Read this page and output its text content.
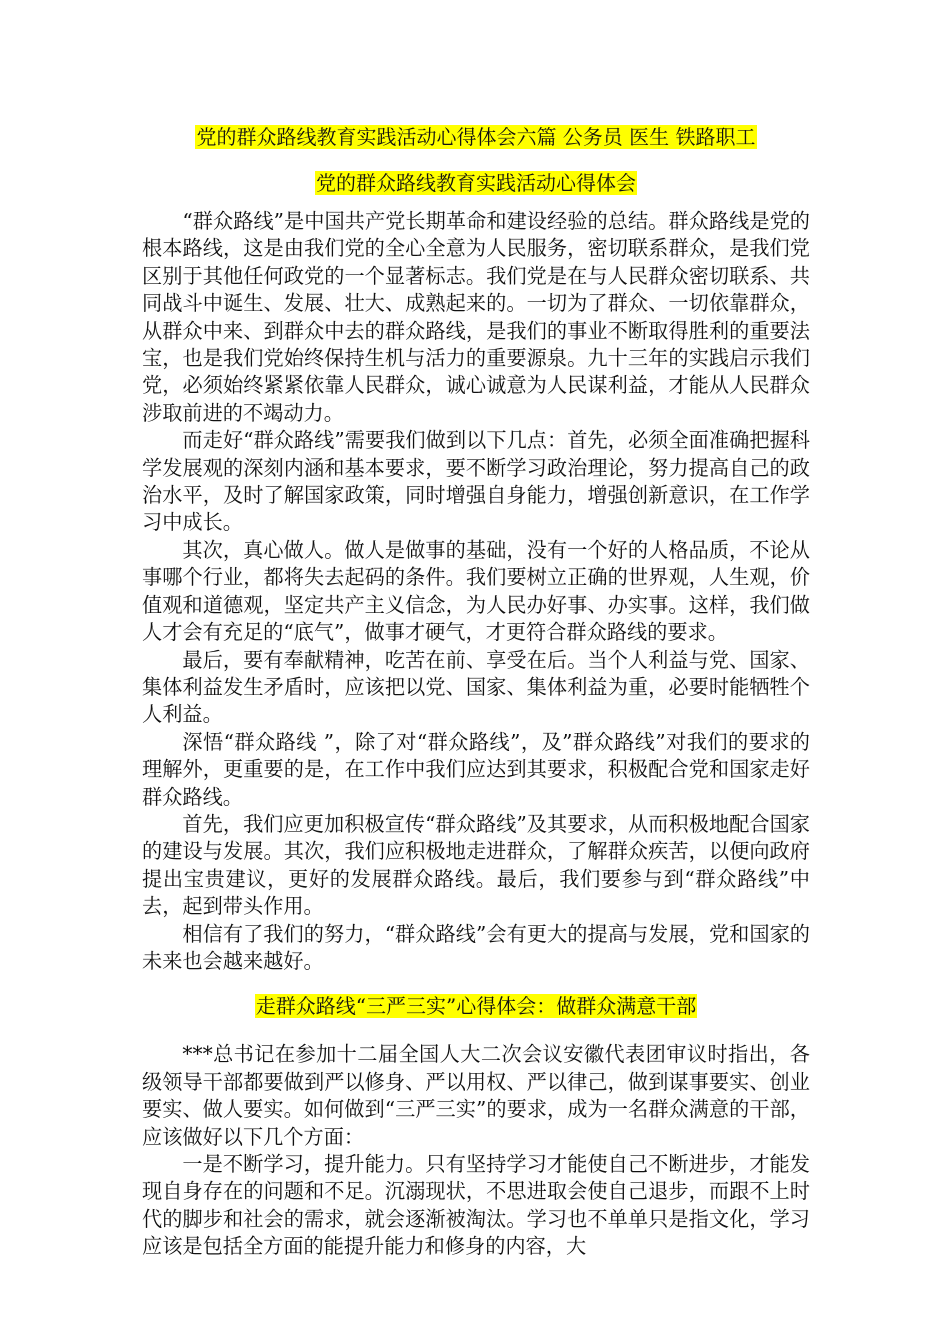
党的群众路线教育实践活动心得体会六篇 公务员 医生 铁路职工

党的群众路线教育实践活动心得体会

“群众路线”是中国共产党长期革命和建设经验的总结。群众路线是党的根本路线，这是由我们党的全心全意为人民服务，密切联系群众，是我们党区别于其他任何政党的一个显著标志。我们党是在与人民群众密切联系、共同战斗中诞生、发展、壮大、成熟起来的。一切为了群众、一切依靠群众，从群众中来、到群众中去的群众路线，是我们的事业不断取得胜利的重要法宝，也是我们党始终保持生机与活力的重要源泉。九十三年的实践启示我们党，必须始终紧紧依靠人民群众，诚心诚意为人民谋利益，才能从人民群众涉取前进的不竭动力。

而走好“群众路线”需要我们做到以下几点：首先，必须全面准确把握科学发展观的深刻内涵和基本要求，要不断学习政治理论，努力提高自己的政治水平，及时了解国家政策，同时增强自身能力，增强创新意识，在工作学习中成长。

其次，真心做人。做人是做事的基础，没有一个好的人格品质，不论从事哪个行业，都将失去起码的条件。我们要树立正确的世界观，人生观，价值观和道德观，坚定共产主义信念，为人民办好事、办实事。这样，我们做人才会有充足的“底气”，做事才硬气，才更符合群众路线的要求。

最后，要有奉献精神，吃苦在前、享受在后。当个人利益与党、国家、集体利益发生矛盾时，应该把以党、国家、集体利益为重，必要时能牺牲个人利益。

深悟“群众路线 ”，除了对“群众路线”，及”群众路线”对我们的要求的理解外，更重要的是，在工作中我们应达到其要求，积极配合党和国家走好群众路线。

首先，我们应更加积极宣传“群众路线”及其要求，从而积极地配合国家的建设与发展。其次，我们应积极地走进群众，了解群众疾苦，以便向政府提出宝贵建议，更好的发展群众路线。最后，我们要参与到“群众路线”中去，起到带头作用。

相信有了我们的努力，“群众路线”会有更大的提高与发展，党和国家的未来也会越来越好。

走群众路线“三严三实”心得体会：做群众满意干部

***总书记在参加十二届全国人大二次会议安徽代表团审议时指出，各级领导干部都要做到严以修身、严以用权、严以律己，做到谋事要实、创业要实、做人要实。如何做到“三严三实”的要求，成为一名群众满意的干部，应该做好以下几个方面：

一是不断学习，提升能力。只有坚持学习才能使自己不断进步，才能发现自身存在的问题和不足。沉溺现状，不思进取会使自己退步，而跟不上时代的脚步和社会的需求，就会逐渐被淘汰。学习也不单单只是指文化，学习应该是包括全方面的能提升能力和修身的内容，大
